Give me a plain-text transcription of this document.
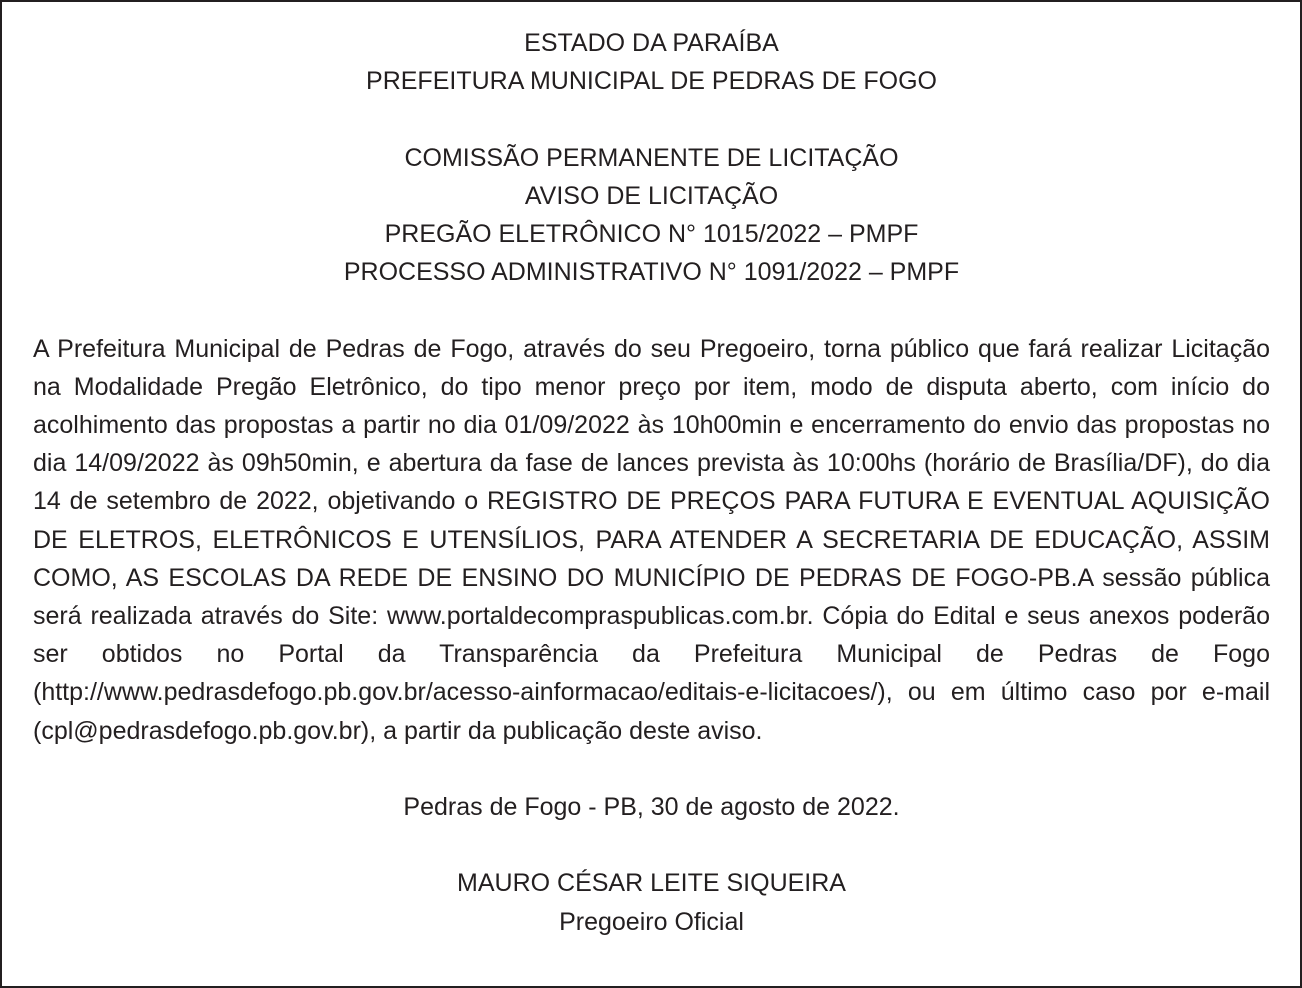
ESTADO DA PARAÍBA

PREFEITURA MUNICIPAL DE PEDRAS DE FOGO

COMISSÃO PERMANENTE DE LICITAÇÃO

AVISO DE LICITAÇÃO

PREGÃO ELETRÔNICO N° 1015/2022 – PMPF

PROCESSO ADMINISTRATIVO N° 1091/2022 – PMPF

A Prefeitura Municipal de Pedras de Fogo, através do seu Pregoeiro, torna público que fará realizar Licitação na Modalidade Pregão Eletrônico, do tipo menor preço por item, modo de disputa aberto, com início do acolhimento das propostas a partir no dia 01/09/2022 às 10h00min e encerramento do envio das propostas no dia 14/09/2022 às 09h50min, e abertura da fase de lances prevista às 10:00hs (horário de Brasília/DF), do dia 14 de setembro de 2022, objetivando o REGISTRO DE PREÇOS PARA FUTURA E EVENTUAL AQUISIÇÃO DE ELETROS, ELETRÔNICOS E UTENSÍLIOS, PARA ATENDER A SECRETARIA DE EDUCAÇÃO, ASSIM COMO, AS ESCOLAS DA REDE DE ENSINO DO MUNICÍPIO DE PEDRAS DE FOGO-PB.A sessão pública será realizada através do Site: www.portaldecompraspublicas.com.br. Cópia do Edital e seus anexos poderão ser obtidos no Portal da Transparência da Prefeitura Municipal de Pedras de Fogo (http://www.pedrasdefogo.pb.gov.br/acesso-ainformacao/editais-e-licitacoes/), ou em último caso por e-mail (cpl@pedrasdefogo.pb.gov.br), a partir da publicação deste aviso.

Pedras de Fogo - PB, 30 de agosto de 2022.

MAURO CÉSAR LEITE SIQUEIRA

Pregoeiro Oficial
